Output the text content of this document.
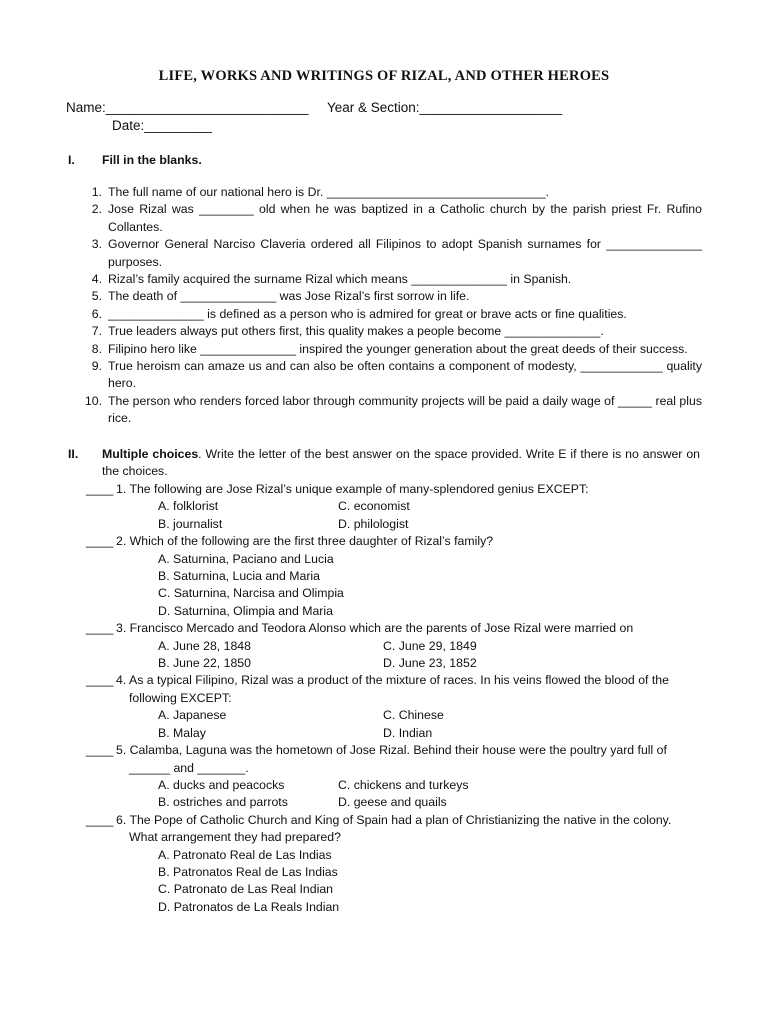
LIFE, WORKS AND WRITINGS OF RIZAL, AND OTHER HEROES
Name:___________________________ Year & Section:___________________
Date:_________
I. Fill in the blanks.
1. The full name of our national hero is Dr. ________________________________.
2. Jose Rizal was ________ old when he was baptized in a Catholic church by the parish priest Fr. Rufino Collantes.
3. Governor General Narciso Claveria ordered all Filipinos to adopt Spanish surnames for ______________ purposes.
4. Rizal’s family acquired the surname Rizal which means ______________ in Spanish.
5. The death of ______________ was Jose Rizal’s first sorrow in life.
6. ______________ is defined as a person who is admired for great or brave acts or fine qualities.
7. True leaders always put others first, this quality makes a people become ______________.
8. Filipino hero like ______________ inspired the younger generation about the great deeds of their success.
9. True heroism can amaze us and can also be often contains a component of modesty, ____________ quality hero.
10. The person who renders forced labor through community projects will be paid a daily wage of _____ real plus rice.
II. Multiple choices. Write the letter of the best answer on the space provided. Write E if there is no answer on the choices.
____ 1. The following are Jose Rizal’s unique example of many-splendored genius EXCEPT:
A. folklorist	C. economist
B. journalist	D. philologist
____ 2. Which of the following are the first three daughter of Rizal’s family?
A. Saturnina, Paciano and Lucia
B. Saturnina, Lucia and Maria
C. Saturnina, Narcisa and Olimpia
D. Saturnina, Olimpia and Maria
____ 3. Francisco Mercado and Teodora Alonso which are the parents of Jose Rizal were married on
A. June 28, 1848	C. June 29, 1849
B. June 22, 1850	D. June 23, 1852
____ 4. As a typical Filipino, Rizal was a product of the mixture of races. In his veins flowed the blood of the
following EXCEPT:
A. Japanese	C. Chinese
B. Malay	D. Indian
____ 5. Calamba, Laguna was the hometown of Jose Rizal. Behind their house were the poultry yard full of
______ and _______.
A. ducks and peacocks	C. chickens and turkeys
B. ostriches and parrots	D. geese and quails
____ 6. The Pope of Catholic Church and King of Spain had a plan of Christianizing the native in the colony.
What arrangement they had prepared?
A. Patronato Real de Las Indias
B. Patronatos Real de Las Indias
C. Patronato de Las Real Indian
D. Patronatos de La Reals Indian
